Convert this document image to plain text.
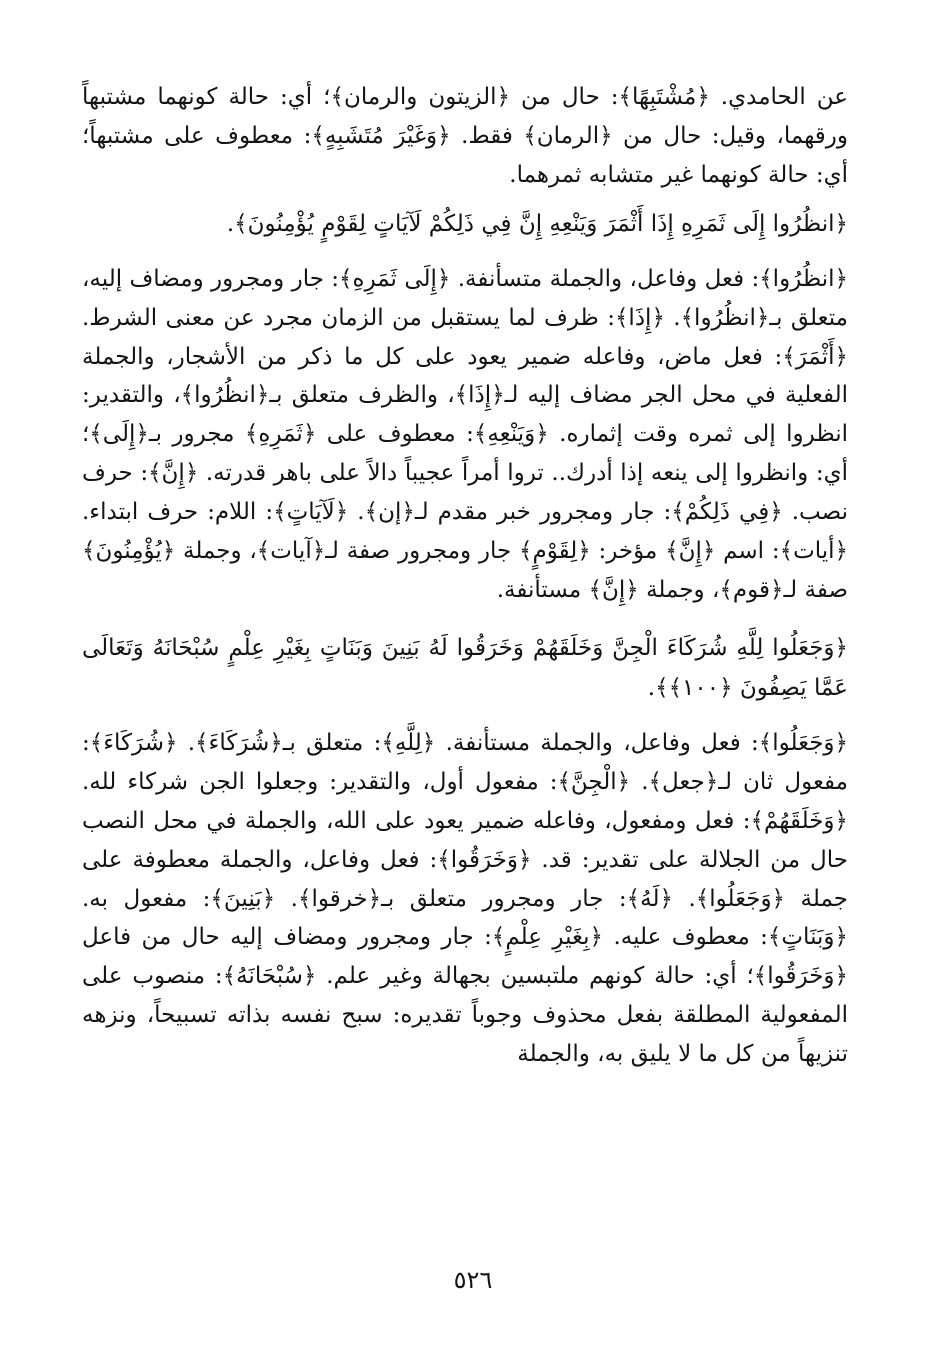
عن الحامدي. ﴿مُشْتَبِهًا﴾: حال من ﴿الزيتون والرمان﴾؛ أي: حالة كونهما مشتبهاً ورقهما، وقيل: حال من ﴿الرمان﴾ فقط. ﴿وَغَيْرَ مُتَشَبِهٍ﴾: معطوف على مشتبهاً؛ أي: حالة كونهما غير متشابه ثمرهما.

﴿انظُرُوا إِلَى ثَمَرِهِ إِذَا أَثْمَرَ وَيَنْعِهِ إِنَّ فِي ذَلِكُمْ لَآيَاتٍ لِقَوْمٍ يُؤْمِنُونَ﴾.

﴿انظُرُوا﴾: فعل وفاعل، والجملة متسأنفة. ﴿إِلَى ثَمَرِهِ﴾: جار ومجرور ومضاف إليه، متعلق بـ﴿انظُرُوا﴾. ﴿إِذَا﴾: ظرف لما يستقبل من الزمان مجرد عن معنى الشرط. ﴿أَثْمَرَ﴾: فعل ماض، وفاعله ضمير يعود على كل ما ذكر من الأشجار، والجملة الفعلية في محل الجر مضاف إليه لـ﴿إِذَا﴾، والظرف متعلق بـ﴿انظُرُوا﴾، والتقدير: انظروا إلى ثمره وقت إثماره. ﴿وَيَنْعِهِ﴾: معطوف على ﴿ثَمَرِهِ﴾ مجرور بـ﴿إِلَى﴾؛ أي: وانظروا إلى ينعه إذا أدرك.. تروا أمراً عجيباً دالاً على باهر قدرته. ﴿إِنَّ﴾: حرف نصب. ﴿فِي ذَلِكُمْ﴾: جار ومجرور خبر مقدم لـ﴿إن﴾. ﴿لَآيَاتٍ﴾: اللام: حرف ابتداء. ﴿أيات﴾: اسم ﴿إِنَّ﴾ مؤخر: ﴿لِقَوْمٍ﴾ جار ومجرور صفة لـ﴿آيات﴾، وجملة ﴿يُؤْمِنُونَ﴾ صفة لـ﴿قوم﴾، وجملة ﴿إِنَّ﴾ مستأنفة.

﴿وَجَعَلُوا لِلَّهِ شُرَكَاءَ الْجِنَّ وَخَلَقَهُمْ وَخَرَقُوا لَهُ بَنِينَ وَبَنَاتٍ بِغَيْرِ عِلْمٍ سُبْحَانَهُ وَتَعَالَى عَمَّا يَصِفُونَ ﴿١٠٠﴾﴾.

﴿وَجَعَلُوا﴾: فعل وفاعل، والجملة مستأنفة. ﴿لِلَّهِ﴾: متعلق بـ﴿شُرَكَاءَ﴾. ﴿شُرَكَاءَ﴾: مفعول ثان لـ﴿جعل﴾. ﴿الْجِنَّ﴾: مفعول أول، والتقدير: وجعلوا الجن شركاء لله. ﴿وَخَلَقَهُمْ﴾: فعل ومفعول، وفاعله ضمير يعود على الله، والجملة في محل النصب حال من الجلالة على تقدير: قد. ﴿وَخَرَقُوا﴾: فعل وفاعل، والجملة معطوفة على جملة ﴿وَجَعَلُوا﴾. ﴿لَهُ﴾: جار ومجرور متعلق بـ﴿خرقوا﴾. ﴿بَنِينَ﴾: مفعول به. ﴿وَبَنَاتٍ﴾: معطوف عليه. ﴿بِغَيْرِ عِلْمٍ﴾: جار ومجرور ومضاف إليه حال من فاعل ﴿وَخَرَقُوا﴾؛ أي: حالة كونهم ملتبسين بجهالة وغير علم. ﴿سُبْحَانَهُ﴾: منصوب على المفعولية المطلقة بفعل محذوف وجوباً تقديره: سبح نفسه بذاته تسبيحاً، ونزهه تنزيهاً من كل ما لا يليق به، والجملة

٥٢٦
